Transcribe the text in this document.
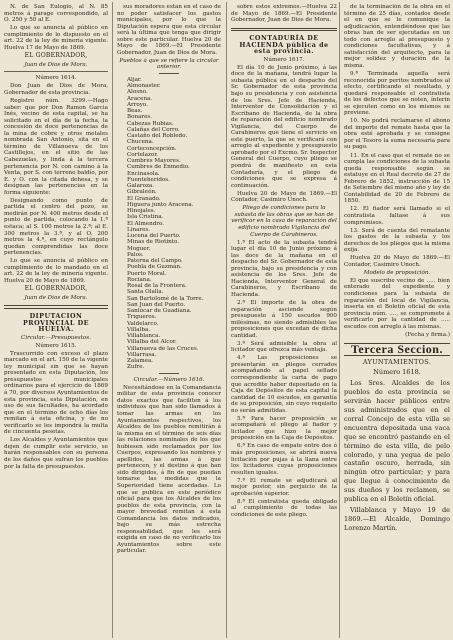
N. de San Eulogio, al N. 85 metros á parage correspondido, al O. 250 y 50 al E.

Lo que se anuncia al público en cumplimiento de lo dispuesto en el art. 22 de la ley de minería vigente. Huelva 17 de Mayo de 1869.

EL GOBERNADOR,

Juan de Dios de Mora.

Número 1614.

Don Juan de Dios de Mora, Gobernador de esta provincia.

Registro núm. 3299.—Hago saber: que por Don Ramon Garcia Inés, vecino de esta capital, se ha solicitado en el día de la fecha, la concesión de doce pertenencias de la mina de cobre y otros metales nombrada San Antonio, sita en el término de Villanueva de los Castillejos, en el sitio de las Cabezuelas, y linda á la tercera pertenencia por N. con camino á la Venta, por S. con terreno baldío, por E. y O. con la citada dehesa, y se designan las pertenencias en la forma siguiente:

Designando como punto de partida el centro del pozo, se medirán por N. 400 metros desde el punto de partida, colocando la 1.ª estaca; al S. 100 metros la 2.ª; al E. 300 metros la 3.ª, y al O. 200 metros la 4.ª, en cuyo rectángulo quedan comprendidas las doce pertenencias.

Lo que se anuncia al público en cumplimiento de lo mandado en el art. 22 de la ley de minería vigente. Huelva 20 de Mayo de 1869.

EL GOBERNADOR,

Juan de Dios de Mora.

DIPUTACION PROVINCIAL DE HUELVA.

Circular.—Presupuestos.

Número 1615.

Trascurrido con exceso el plazo marcado en el art. 150 de la vigente ley municipal sin que se hayan presentado en esta Diputación, los presupuestos municipales ordinarios para el ejercicio de 1869 á 70, por diversos Ayuntamientos de esta provincia, esta Diputación, en uso de sus facultades, ha acordado que en el término de ocho días los remitan á esta oficina, y de no verificarlo se les impondrá la multa de cincuenta pesetas.

Los Alcaldes y Ayuntamientos que dejen de cumplir este servicio, se harán responsables con su persona de los daños que sufran los pueblos por la falta de presupuestos.

sus moradores estan en el caso de no poder satisfacer los gastos municipales, por lo que la Diputación espera que esta circular será la última que tenga que dirigir sobre este particular. Huelva 20 de Mayo de 1869.—El Presidente Gobernador, Juan de Dios de Mora.

Pueblos á que se refiere la circular anterior.

Aljar.
Almonaster.
Alosno.
Aracena.
Arroyo.
Beas.
Bonares.
Cabezas Rubias.
Calañas del Cerro.
Castaño del Robledo.
Chucena.
Corteconcepción.
Cortelazor.
Cumbres Mayores.
Cumbres de Enmedio.
Encinasola.
Fuenteheridos.
Galaroza.
Gibraleón.
El Granado.
Higuera junto Aracena.
Hinojales.
Isla Cristina.
El Almendro.
Linares.
Lucena del Puerto.
Minas de Riotinto.
Moguer.
Palos.
Paterna del Campo.
Puebla de Guzmán.
Puerto Moral.
Rociana.
Rosal de la Frontera.
Santa Olalla.
San Bartolomé de la Torre.
San Juan del Puerto.
Sanlúcar de Guadiana.
Trigueros.
Valdelarco.
Villalba.
Villablanca.
Villalba del Alcor.
Villanueva de las Cruces.
Villarrasa.
Zalamea.
Zufre.

Circular.—Número 1616.

Necesitándose en la Comandancia militar de esta provincia conocer datos exactos que faciliten á los individuos que han sido llamados á tomar las armas en los Ayuntamientos respectivos, los Alcaldes de los pueblos remitirán á la misma en el término de seis días las relaciones nominales de los que hubiesen sido reclamados por los Cuerpos, expresando los nombres y apellidos, las armas á que pertenecen, y el destino á que han sido dirigidos, á fin de que puedan tomarse las medidas que la Superioridad tiene acordadas. Lo que se publica en este periódico oficial para que los Alcaldes de los pueblos de esta provincia, con la mayor brevedad remitan á esta Comandancia los datos indicados, bajo su más estrecha responsabilidad, que les será exigida en caso de no verificarlo los Ayuntamientos sobre este particular.

sobre estos extremos.—Huelva 22 de Mayo de 1869.—El Presidente Gobernador, Juan de Dios de Mora.

CONTADURÍA DE HACIENDA pública de esta provincia.

Número 1617.

El día 10 de Junio próximo, á las doce de la mañana, tendrá lugar la subasta pública en el despacho del Sr. Gobernador de esta provincia bajo su presidencia y con asistencia de los Sres. Jefe de Hacienda, Interventor de Consolidación y el Escribano de Hacienda, de la obra de reparación del edificio nombrado Vigilancia, del Cuerpo de Carabineros que tiene el servicio en este puerto, la que se verificará con arreglo al expediente y presupuesto aprobado por el Excmo. Sr. Inspector General del Cuerpo, cuyo pliego se pondrá de manifiesto en esta Contaduría, y el pliego de condiciones que se expresa á continuación.

Huelva 20 de Mayo de 1869.—El Contador, Casimiro Unoch.

Pliego de condiciones para la subasta de las obras que se han de verificar en la casa de reparación del edificio nombrado Vigilancia del Cuerpo de Carabineros.

1.ª El acto de la subasta tendrá lugar el día 10 de Junio próximo á las doce de la mañana en el despacho del Sr. Gobernador de esta provincia, bajo su presidencia y con asistencia de los Sres. Jefe de Hacienda, Interventor General de Carabineros, y Escribano de Hacienda.

2.ª El importe de la obra de reparación asciende según presupuesto á 150 escudos 900 milésimas, no siendo admisibles las proposiciones que excedan de dicha cantidad.

3.ª Será admisible la obra al licitador que ofrezca más ventaja.

4.ª Las proposiciones se presentarán en pliegos cerrados acompañando al papel sellado correspondiente la carta de pago que acredite haber depositado en la Caja de Depósitos de esta capital la cantidad de 10 escudos, en garantía de su proposición, sin cuyo requisito no serán admitidas.

5.ª Para hacer proposición se acompañará el pliego al fiador y licitador que hizo la mejor proposición en la Caja de Depósitos.

6.ª En caso de empate entre dos ó más proposiciones, se abrirá nueva licitación por pujas á la llana entre los licitadores cuyas proposiciones resulten iguales.

7.ª El remate se adjudicará al mejor postor, sin perjuicio de la aprobación superior.

8.ª El contratista queda obligado al cumplimiento de todas las condiciones de este pliego.

de la terminación de la obra en el término de 25 días, contados desde el en que se le comunique la adjudicación, entendiéndose que las obras han de ser ejecutadas en un todo con arreglo al presupuesto y condiciones facultativas, y á satisfacción del arquitecto, para la mejor solidez y duración de la misma.

9.ª Terminada aquella será reconocida por peritos nombrados al efecto, certificando el resultado, y quedará responsable el contratista de los defectos que se noten, ínterin se ejecuten como en los mismos se previene.

10. No podrá reclamarse el abono del importe del remate hasta que la obra esté aprobada y se consigne por el Tesoro la suma necesaria para su pago.

11. En el caso que el remate no se cumpla las condiciones de la subasta queda responsable según se estatuye en el Real decreto de 27 de Febrero de 1852, instrucción de 15 de Setiembre del mismo año y ley de Contabilidad de 20 de Febrero de 1850.

12. El fiador será llamado si el contratista faltase á sus compromisos.

13. Será de cuenta del rematante los gastos de la subasta y los derechos de los pliegos que la misma exija.

Huelva 20 de Mayo de 1869.—El Contador, Casimiro Unoch.

Modelo de proposición.

El que suscribe vecino de ..... bien enterado del expediente y condiciones para la subasta de reparación del local de Vigilancia, inserta en el Boletín oficial de esta provincia núm. ...., se compromete á verificarlo por la cantidad de ..... escudos con arreglo á las mismas.

(Fecha y firma.)

Tercera Seccion.

AYUNTAMIENTOS.

Número 1618.

Los Sres. Alcaldes de los pueblos de esta provincia se servirán hacer públicos entre sus administrados que en el corral Concejo de esta villa se encuentra depositada una vaca que se encontró pastando en el término de esta villa, de pelo colorado, y una yegua de pelo castaño oscuro, herrada, sin ningún otro particular; y para que llegue á conocimiento de sus dueños y los reclamen, se publica en el Boletín oficial.

Villablanca y Mayo 19 de 1869.—El Alcalde, Domingo Lorenzo Martín.
